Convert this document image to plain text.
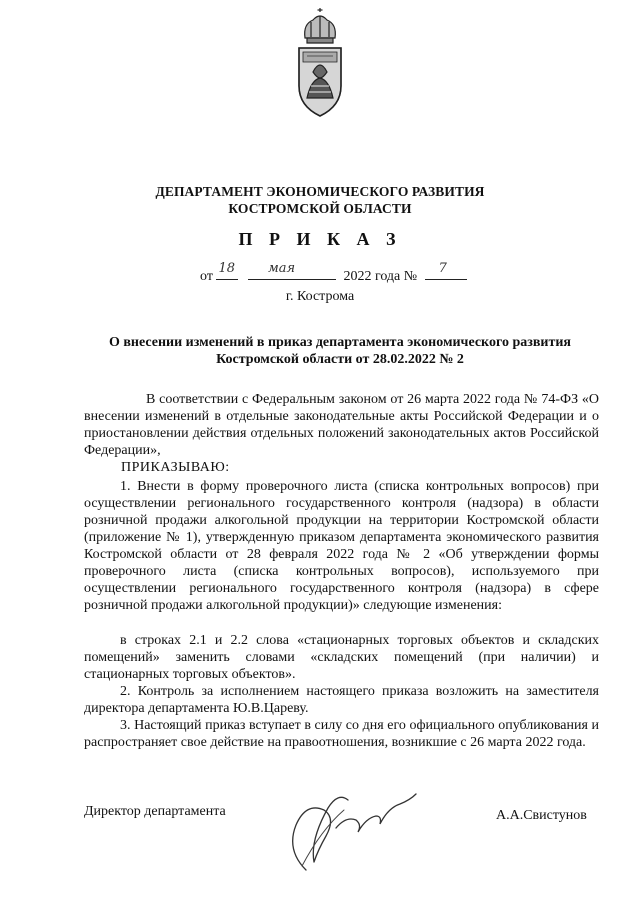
ДЕПАРТАМЕНТ ЭКОНОМИЧЕСКОГО РАЗВИТИЯ
КОСТРОМСКОЙ ОБЛАСТИ
П Р И К А З
от
18
	мая
2022 года №
7
г. Кострома
О внесении изменений в приказ департамента экономического развития Костромской области от 28.02.2022 № 2
В соответствии с Федеральным законом от 26 марта 2022 года № 74-ФЗ «О внесении изменений в отдельные законодательные акты Российской Федерации и о приостановлении действия отдельных положений законодательных актов Российской Федерации»,
ПРИКАЗЫВАЮ:
1. Внести в форму проверочного листа (списка контрольных вопросов) при осуществлении регионального государственного контроля (надзора) в области розничной продажи алкогольной продукции на территории Костромской области (приложение № 1), утвержденную приказом департамента экономического развития Костромской области от 28 февраля 2022 года № 2 «Об утверждении формы проверочного листа (списка контрольных вопросов), используемого при осуществлении регионального государственного контроля (надзора) в сфере розничной продажи алкогольной продукции)» следующие изменения:
в строках 2.1 и 2.2 слова «стационарных торговых объектов и складских помещений» заменить словами «складских помещений (при наличии) и стационарных торговых объектов».
2. Контроль за исполнением настоящего приказа возложить на заместителя директора департамента Ю.В.Цареву.
3. Настоящий приказ вступает в силу со дня его официального опубликования и распространяет свое действие на правоотношения, возникшие с 26 марта 2022 года.
Директор департамента	А.А.Свистунов
